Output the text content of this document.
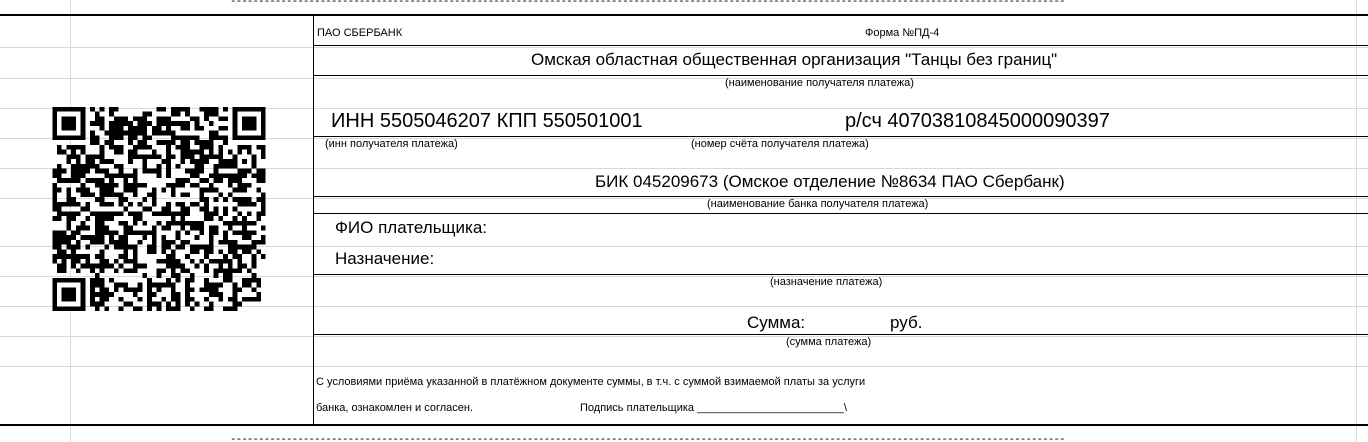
-----------------------------------------------------------------------------------------------------------------------------------------------------
ПАО СБЕРБАНК	Форма №ПД-4
Омская областная общественная организация "Танцы без границ"
(наименование получателя платежа)
ИНН 5505046207 КПП 550501001	р/сч 40703810845000090397
(инн получателя платежа)	(номер счёта получателя платежа)
БИК 045209673 (Омское отделение №8634 ПАО Сбербанк)
(наименование банка получателя платежа)
ФИО плательщика:
Назначение:
(назначение платежа)
Сумма:	руб.
(сумма платежа)
С условиями приёма указанной в платёжном документе суммы, в т.ч. с суммой взимаемой платы за услуги
банка, ознакомлен и согласен.	Подпись плательщика ________________________\
-----------------------------------------------------------------------------------------------------------------------------------------------------
